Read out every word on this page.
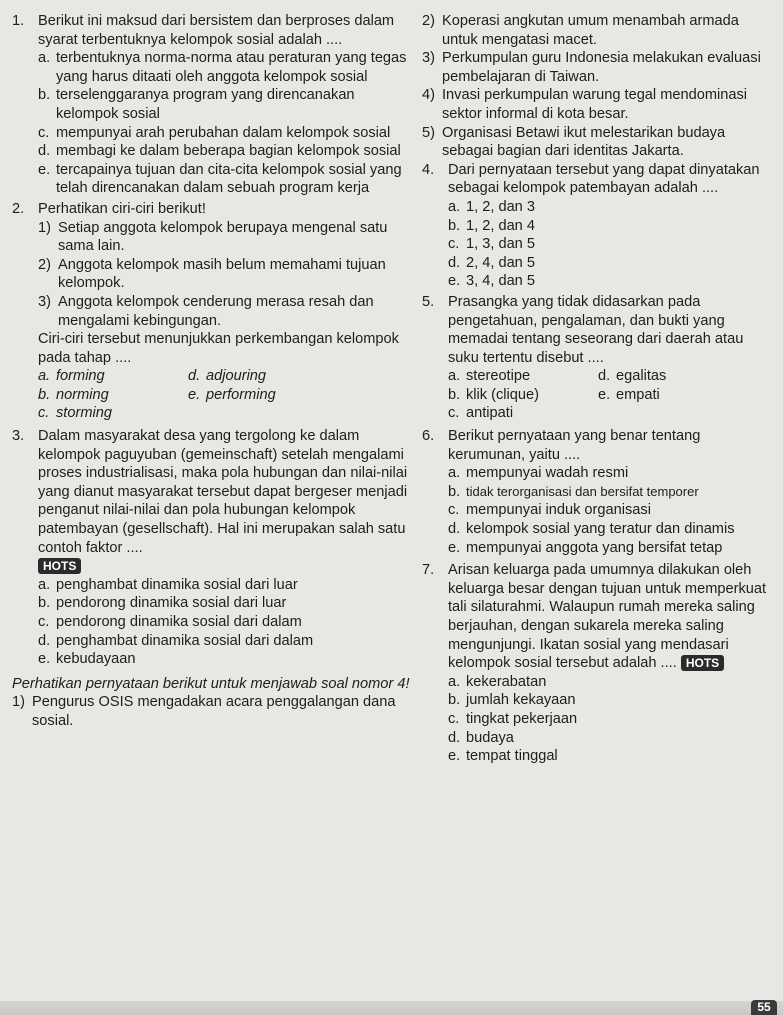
1. Berikut ini maksud dari bersistem dan berproses dalam syarat terbentuknya kelompok sosial adalah ....
a. terbentuknya norma-norma atau peraturan yang tegas yang harus ditaati oleh anggota kelompok sosial
b. terselenggaranya program yang direncanakan kelompok sosial
c. mempunyai arah perubahan dalam kelompok sosial
d. membagi ke dalam beberapa bagian kelompok sosial
e. tercapainya tujuan dan cita-cita kelompok sosial yang telah direncanakan dalam sebuah program kerja
2. Perhatikan ciri-ciri berikut!
1) Setiap anggota kelompok berupaya mengenal satu sama lain.
2) Anggota kelompok masih belum memahami tujuan kelompok.
3) Anggota kelompok cenderung merasa resah dan mengalami kebingungan.
Ciri-ciri tersebut menunjukkan perkembangan kelompok pada tahap ....
a. forming	d. adjouring
b. norming	e. performing
c. storming
3. Dalam masyarakat desa yang tergolong ke dalam kelompok paguyuban (gemeinschaft) setelah mengalami proses industrialisasi, maka pola hubungan dan nilai-nilai yang dianut masyarakat tersebut dapat bergeser menjadi penganut nilai-nilai dan pola hubungan kelompok patembayan (gesellschaft). Hal ini merupakan salah satu contoh faktor ....
HOTS
a. penghambat dinamika sosial dari luar
b. pendorong dinamika sosial dari luar
c. pendorong dinamika sosial dari dalam
d. penghambat dinamika sosial dari dalam
e. kebudayaan
Perhatikan pernyataan berikut untuk menjawab soal nomor 4!
1) Pengurus OSIS mengadakan acara penggalangan dana sosial.
2) Koperasi angkutan umum menambah armada untuk mengatasi macet.
3) Perkumpulan guru Indonesia melakukan evaluasi pembelajaran di Taiwan.
4) Invasi perkumpulan warung tegal mendominasi sektor informal di kota besar.
5) Organisasi Betawi ikut melestarikan budaya sebagai bagian dari identitas Jakarta.
4. Dari pernyataan tersebut yang dapat dinyatakan sebagai kelompok patembayan adalah ....
a. 1, 2, dan 3
b. 1, 2, dan 4
c. 1, 3, dan 5
d. 2, 4, dan 5
e. 3, 4, dan 5
5. Prasangka yang tidak didasarkan pada pengetahuan, pengalaman, dan bukti yang memadai tentang seseorang dari daerah atau suku tertentu disebut ....
a. stereotipe	d. egalitas
b. klik (clique)	e. empati
c. antipati
6. Berikut pernyataan yang benar tentang kerumunan, yaitu ....
a. mempunyai wadah resmi
b. tidak terorganisasi dan bersifat temporer
c. mempunyai induk organisasi
d. kelompok sosial yang teratur dan dinamis
e. mempunyai anggota yang bersifat tetap
7. Arisan keluarga pada umumnya dilakukan oleh keluarga besar dengan tujuan untuk memperkuat tali silaturahmi. Walaupun rumah mereka saling berjauhan, dengan sukarela mereka saling mengunjungi. Ikatan sosial yang mendasari kelompok sosial tersebut adalah .... HOTS
a. kekerabatan
b. jumlah kekayaan
c. tingkat pekerjaan
d. budaya
e. tempat tinggal
55
